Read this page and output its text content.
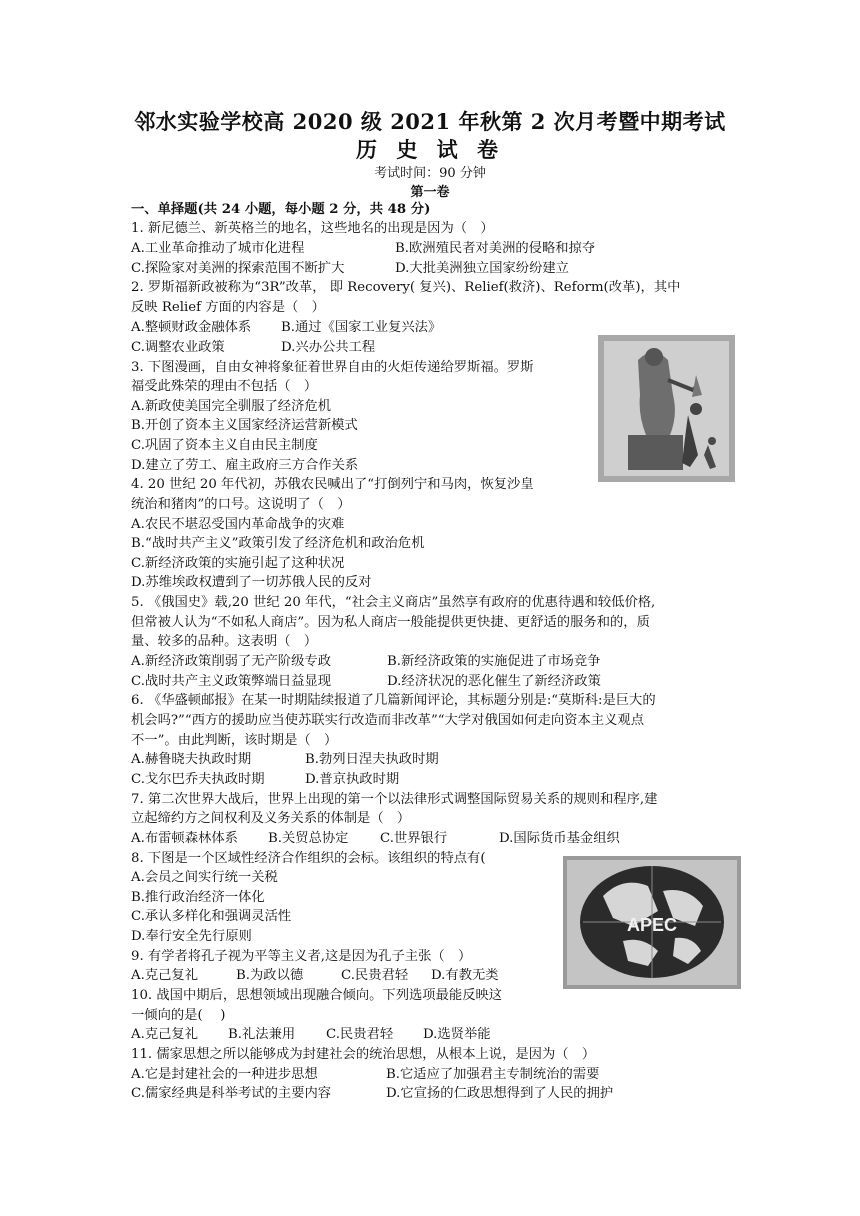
邻水实验学校高 2020 级 2021 年秋第 2 次月考暨中期考试
历 史 试 卷
考试时间：90 分钟
第一卷
一、单择题(共 24 小题，每小题 2 分，共 48 分)
1. 新尼德兰、新英格兰的地名，这些地名的出现是因为（　）
A.工业革命推动了城市化进程	B.欧洲殖民者对美洲的侵略和掠夺
C.探险家对美洲的探索范围不断扩大	D.大批美洲独立国家纷纷建立
2. 罗斯福新政被称为“3R”改革， 即 Recovery( 复兴)、Relief(救济)、Reform(改革)，其中
反映 Relief 方面的内容是（　）
A.整顿财政金融体系 B.通过《国家工业复兴法》
C.调整农业政策	D.兴办公共工程
3. 下图漫画，自由女神将象征着世界自由的火炬传递给罗斯福。罗斯
福受此殊荣的理由不包括（　）
A.新政使美国完全驯服了经济危机
B.开创了资本主义国家经济运营新模式
C.巩固了资本主义自由民主制度
D.建立了劳工、雇主政府三方合作关系
4. 20 世纪 20 年代初，苏俄农民喊出了“打倒列宁和马肉，恢复沙皇
统治和猪肉”的口号。这说明了（　）
A.农民不堪忍受国内革命战争的灾难
B.“战时共产主义”政策引发了经济危机和政治危机
C.新经济政策的实施引起了这种状况
D.苏维埃政权遭到了一切苏俄人民的反对
5. 《俄国史》载,20 世纪 20 年代，“社会主义商店”虽然享有政府的优惠待遇和较低价格,
但常被人认为“不如私人商店”。因为私人商店一般能提供更快捷、更舒适的服务和的，质
量、较多的品种。这表明（　）
A.新经济政策削弱了无产阶级专政	B.新经济政策的实施促进了市场竞争
C.战时共产主义政策弊端日益显现	D.经济状况的恶化催生了新经济政策
6. 《华盛顿邮报》在某一时期陆续报道了几篇新闻评论，其标题分别是:“莫斯科:是巨大的
机会吗?”“西方的援助应当使苏联实行改造而非改革”“大学对俄国如何走向资本主义观点
不一”。由此判断，该时期是（　）
A.赫鲁晓夫执政时期	B.勃列日涅夫执政时期
C.戈尔巴乔夫执政时期	D.普京执政时期
7. 第二次世界大战后，世界上出现的第一个以法律形式调整国际贸易关系的规则和程序,建
立起缔约方之间权利及义务关系的体制是（　）
A.布雷顿森林体系 B.关贸总协定 C.世界银行	D.国际货币基金组织
APEC
8. 下图是一个区域性经济合作组织的会标。该组织的特点有(
A.会员之间实行统一关税
B.推行政治经济一体化
C.承认多样化和强调灵活性
D.奉行安全先行原则
9. 有学者将孔子视为平等主义者,这是因为孔子主张（　）
A.克己复礼	B.为政以德	C.民贵君轻 D.有教无类
10. 战国中期后，思想领域出现融合倾向。下列选项最能反映这
一倾向的是(　 )
A.克己复礼 B.礼法兼用 C.民贵君轻 D.选贤举能
11. 儒家思想之所以能够成为封建社会的统治思想，从根本上说，是因为（　）
A.它是封建社会的一种进步思想	B.它适应了加强君主专制统治的需要
C.儒家经典是科举考试的主要内容	D.它宣扬的仁政思想得到了人民的拥护
